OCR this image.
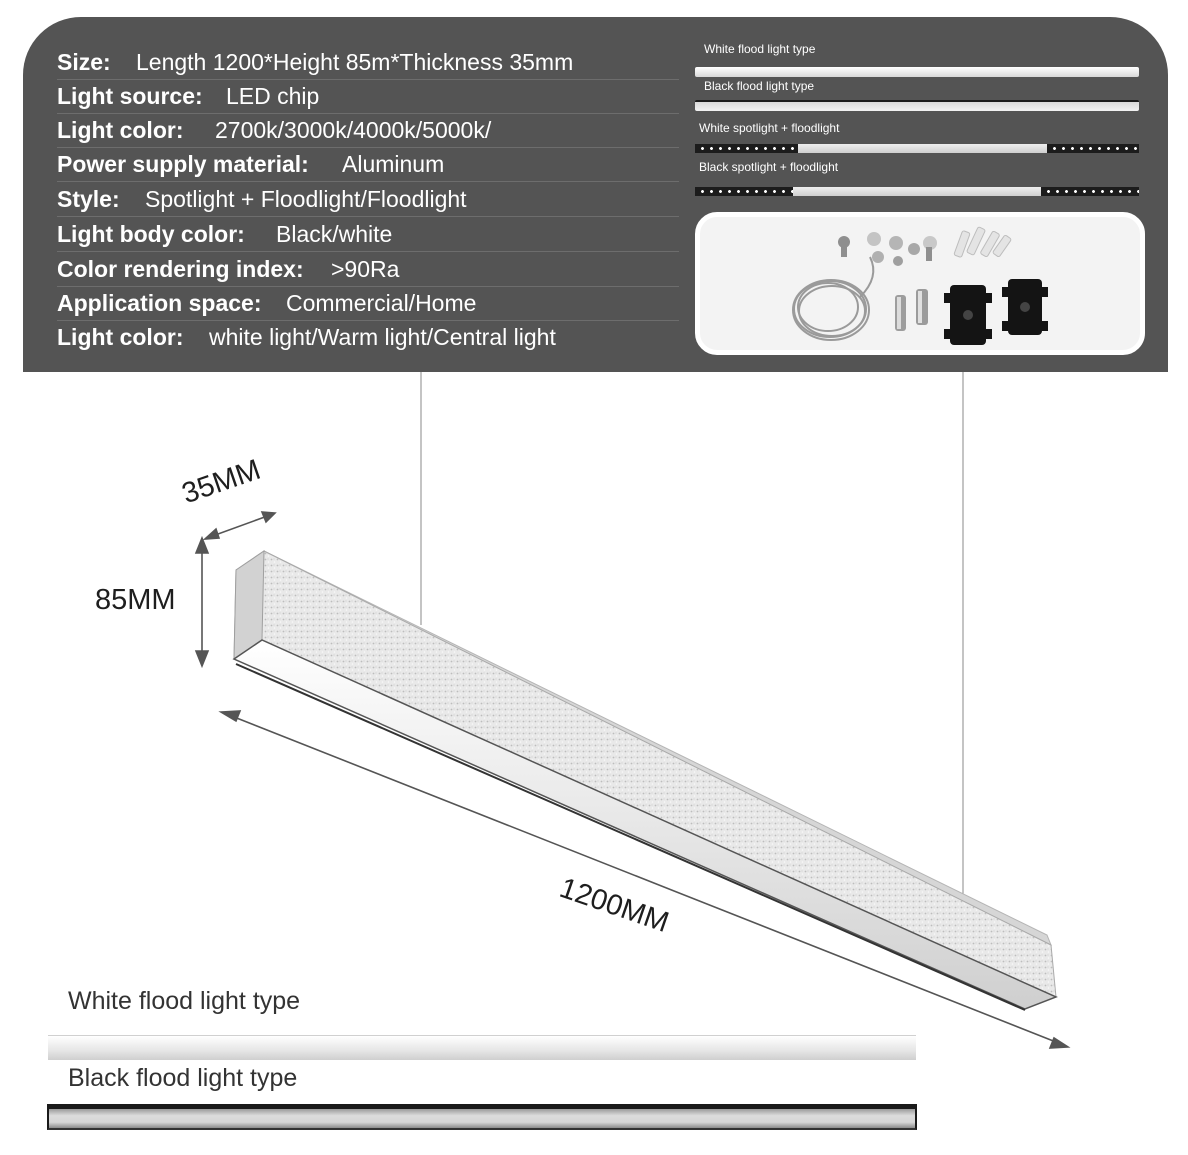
Size: Length 1200*Height 85m*Thickness 35mm
Light source: LED chip
Light color: 2700k/3000k/4000k/5000k/
Power supply material: Aluminum
Style: Spotlight + Floodlight/Floodlight
Light body color: Black/white
Color rendering index: >90Ra
Application space: Commercial/Home
Light color: white light/Warm light/Central light
White flood light type
Black flood light type
White spotlight + floodlight
Black spotlight + floodlight
35MM
85MM
1200MM
White flood light type
Black flood light type
